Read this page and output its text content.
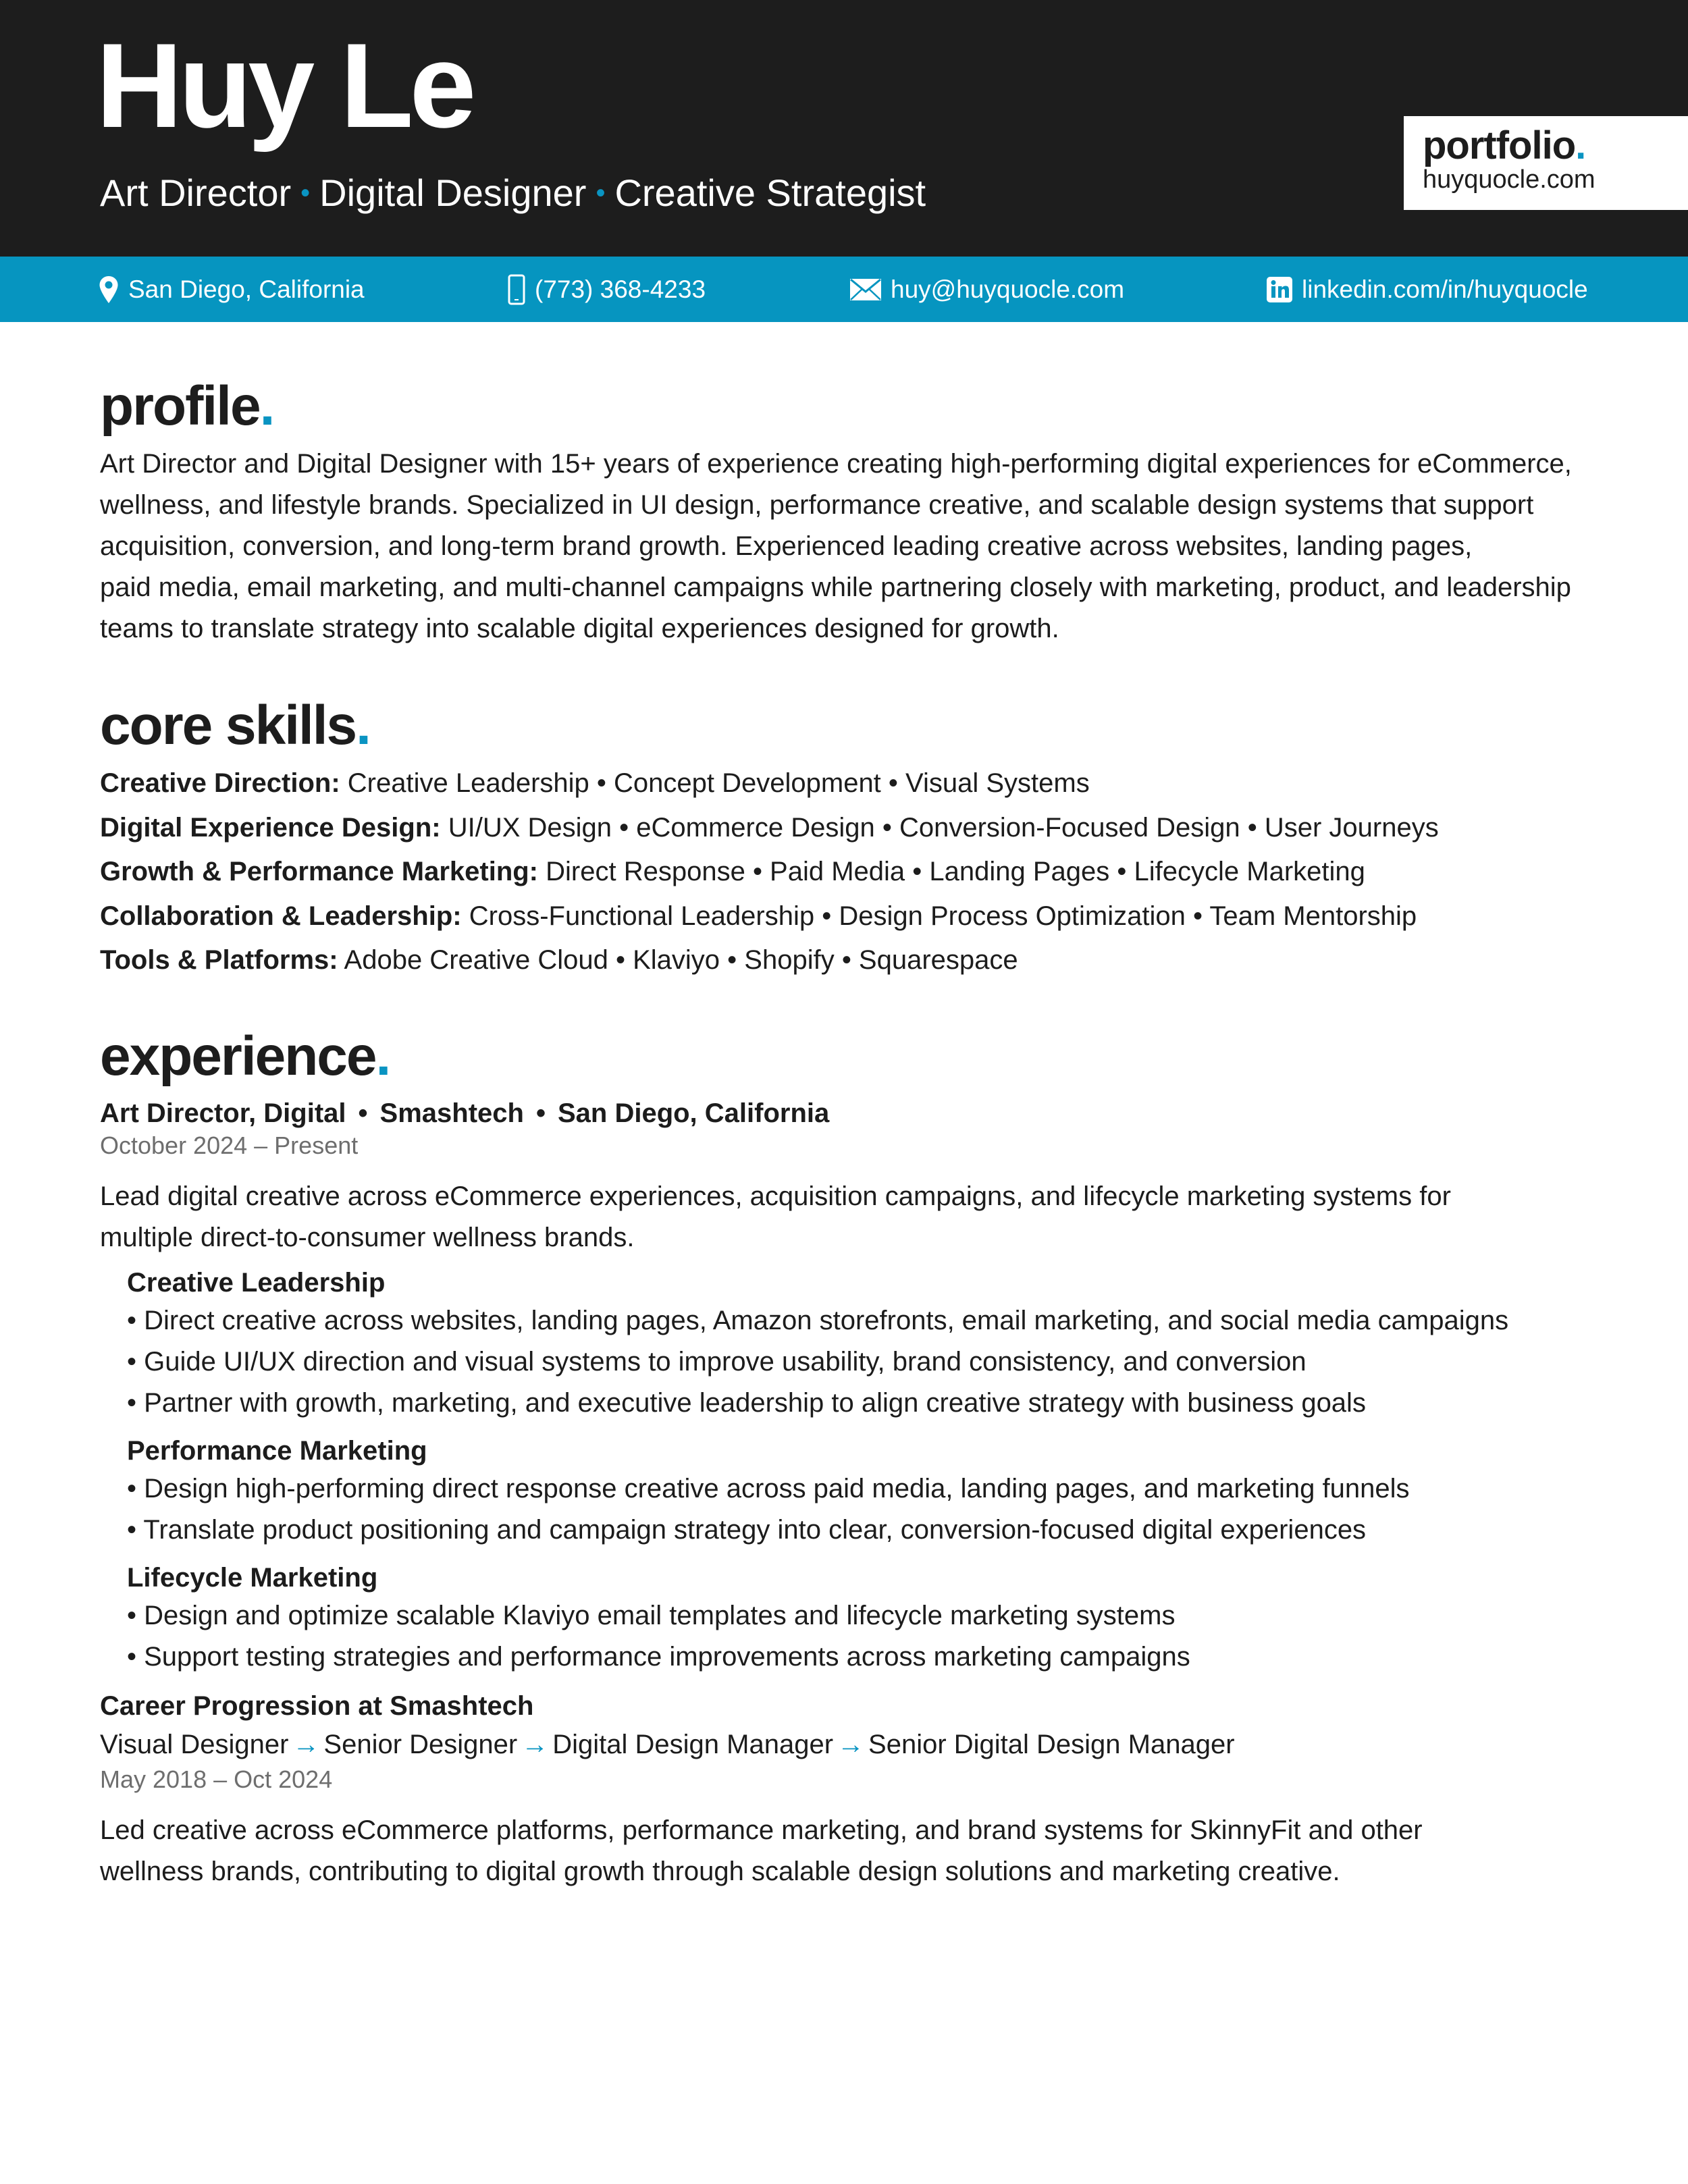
Huy Le
Art Director • Digital Designer • Creative Strategist
portfolio.
huyquocle.com
San Diego, California	(773) 368-4233	huy@huyquocle.com	linkedin.com/in/huyquocle
profile.
Art Director and Digital Designer with 15+ years of experience creating high-performing digital experiences for eCommerce,
wellness, and lifestyle brands. Specialized in UI design, performance creative, and scalable design systems that support
acquisition, conversion, and long-term brand growth. Experienced leading creative across websites, landing pages,
paid media, email marketing, and multi-channel campaigns while partnering closely with marketing, product, and leadership
teams to translate strategy into scalable digital experiences designed for growth.
core skills.
Creative Direction: Creative Leadership • Concept Development • Visual Systems
Digital Experience Design: UI/UX Design • eCommerce Design • Conversion-Focused Design • User Journeys
Growth & Performance Marketing: Direct Response • Paid Media • Landing Pages • Lifecycle Marketing
Collaboration & Leadership: Cross-Functional Leadership • Design Process Optimization • Team Mentorship
Tools & Platforms: Adobe Creative Cloud • Klaviyo • Shopify • Squarespace
experience.
Art Director, Digital • Smashtech • San Diego, California
October 2024 – Present
Lead digital creative across eCommerce experiences, acquisition campaigns, and lifecycle marketing systems for
multiple direct-to-consumer wellness brands.
Creative Leadership
• Direct creative across websites, landing pages, Amazon storefronts, email marketing, and social media campaigns
• Guide UI/UX direction and visual systems to improve usability, brand consistency, and conversion
• Partner with growth, marketing, and executive leadership to align creative strategy with business goals
Performance Marketing
• Design high-performing direct response creative across paid media, landing pages, and marketing funnels
• Translate product positioning and campaign strategy into clear, conversion-focused digital experiences
Lifecycle Marketing
• Design and optimize scalable Klaviyo email templates and lifecycle marketing systems
• Support testing strategies and performance improvements across marketing campaigns
Career Progression at Smashtech
Visual Designer → Senior Designer → Digital Design Manager → Senior Digital Design Manager
May 2018 – Oct 2024
Led creative across eCommerce platforms, performance marketing, and brand systems for SkinnyFit and other
wellness brands, contributing to digital growth through scalable design solutions and marketing creative.
